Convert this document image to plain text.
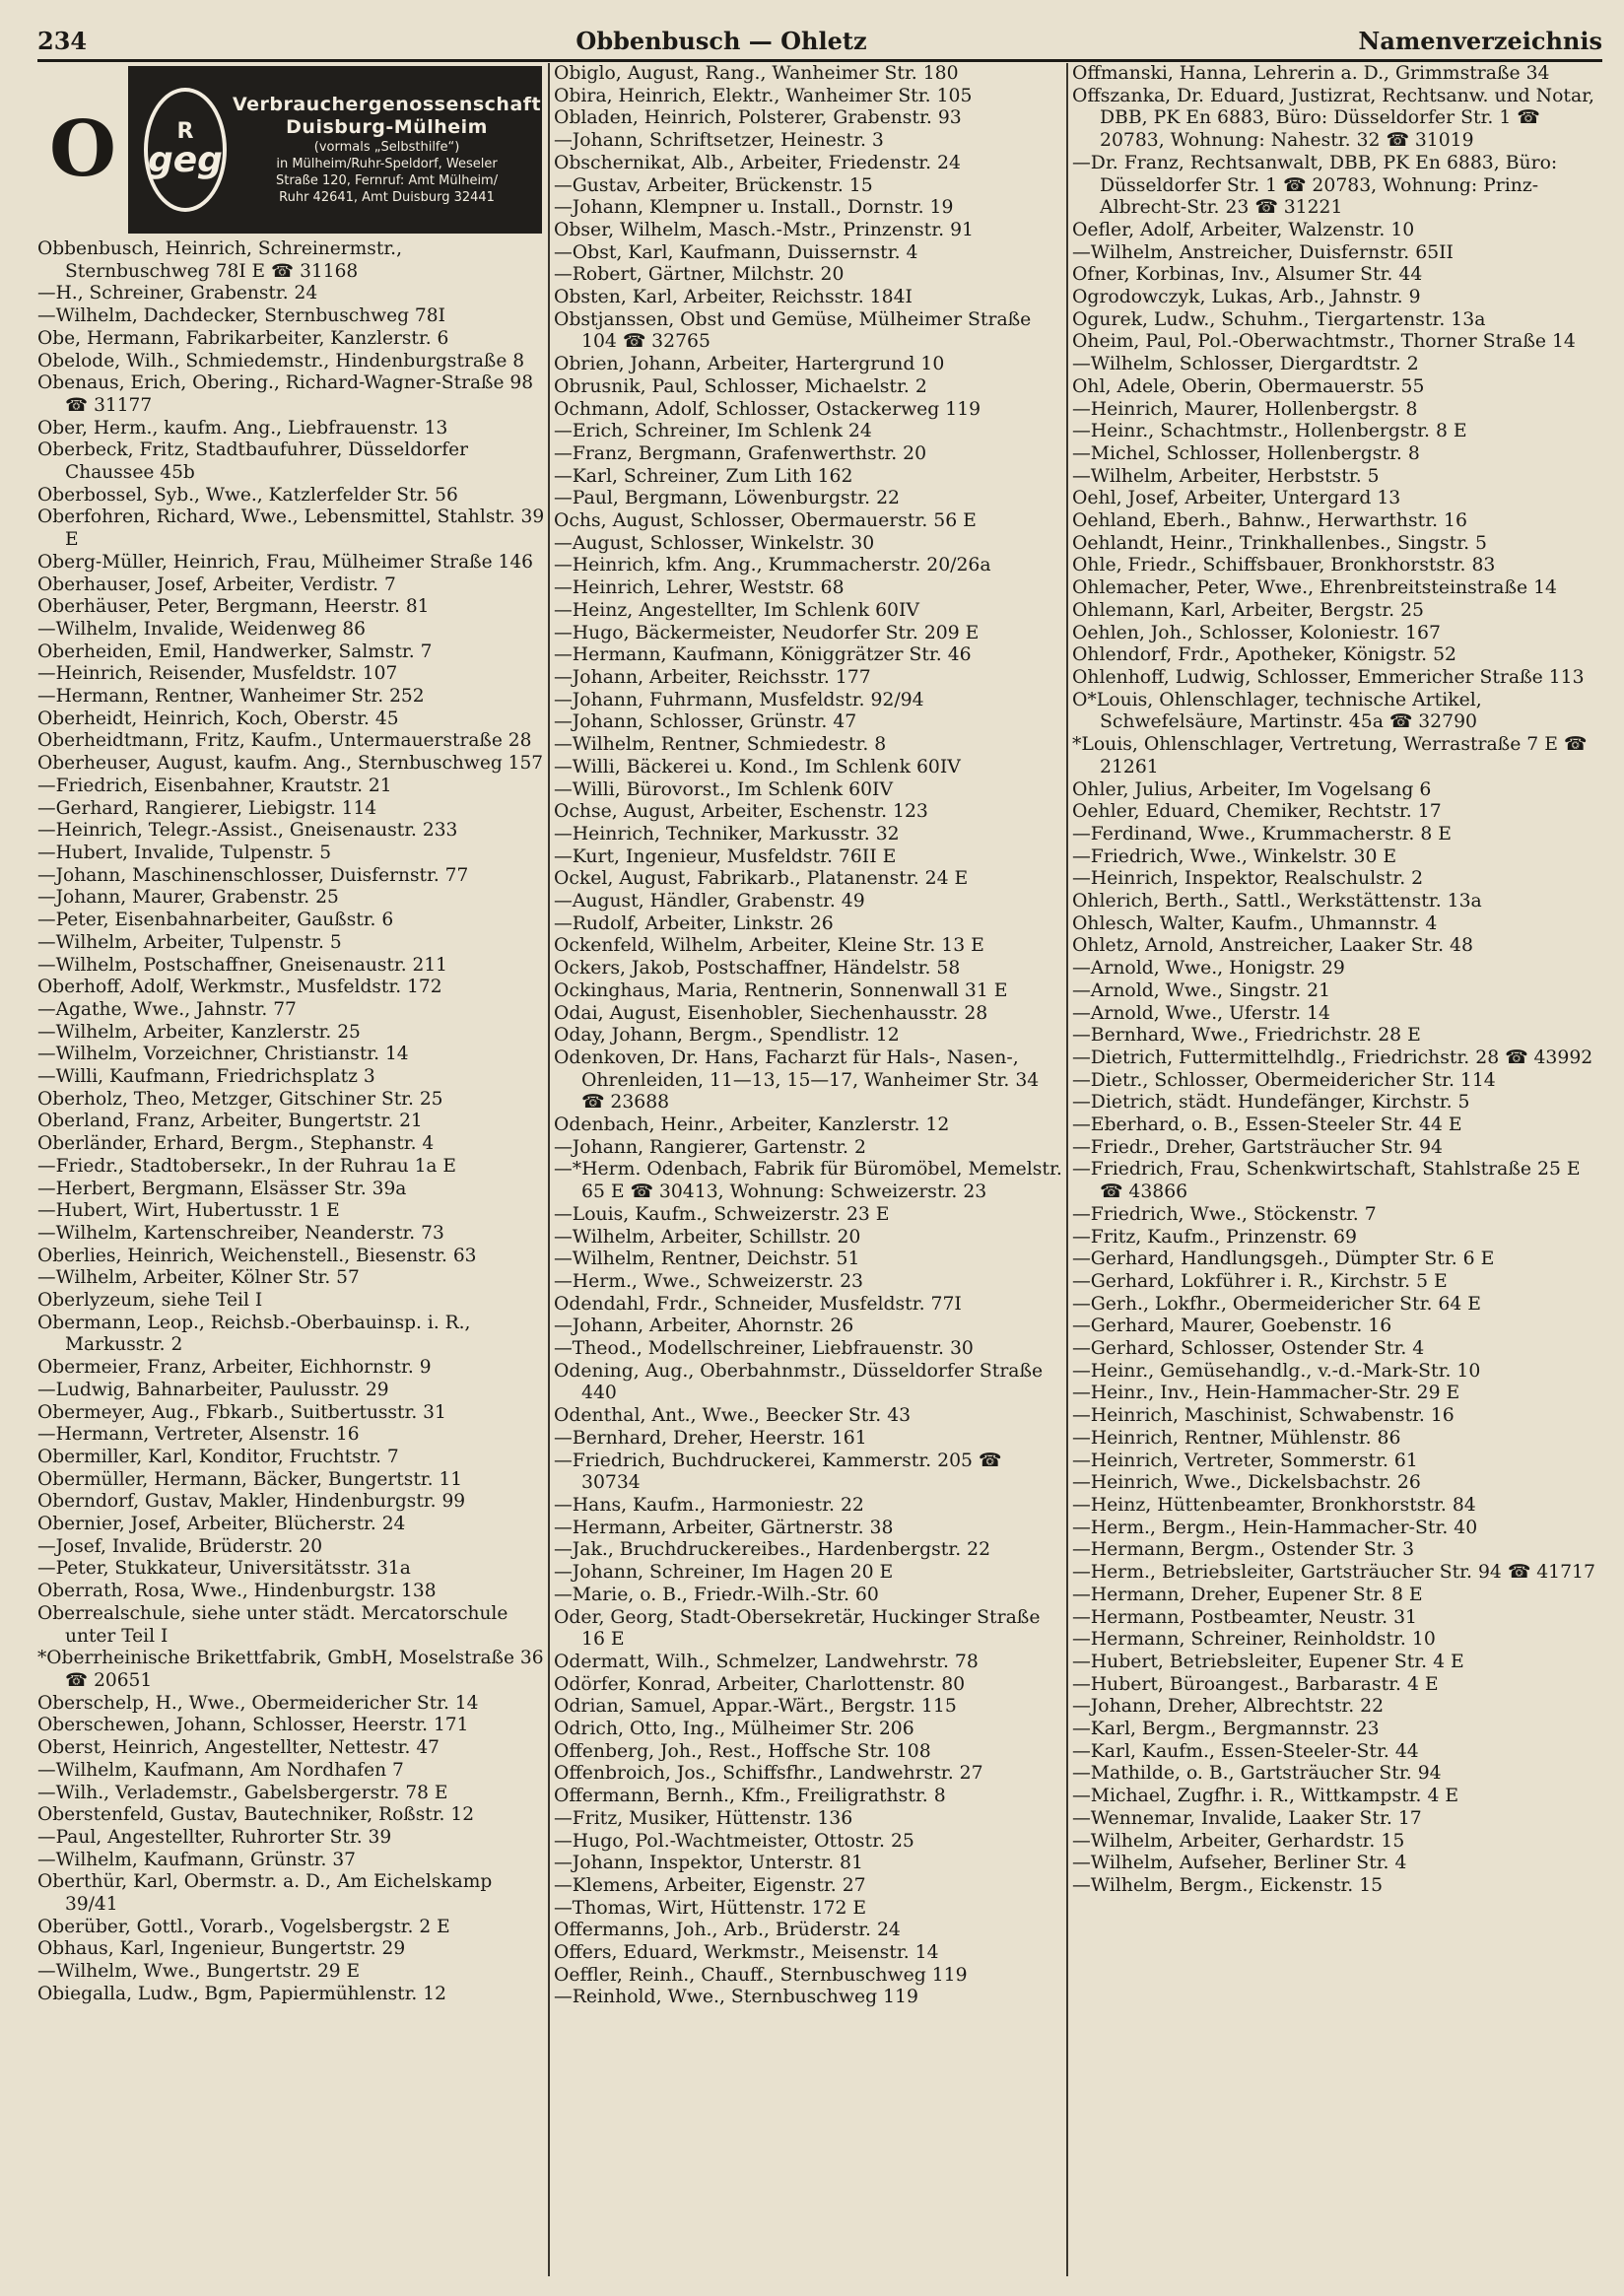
234	Obbenbusch — Ohletz	Namenverzeichnis
O	R
geg
Verbrauchergenossenschaft
Duisburg-Mülheim
(vormals „Selbsthilfe“)
in Mülheim/Ruhr-Speldorf, Weseler
Straße 120, Fernruf: Amt Mülheim/
Ruhr 42641, Amt Duisburg 32441
Obbenbusch, Heinrich, Schreinermstr., Sternbuschweg 78I E ☎ 31168
—H., Schreiner, Grabenstr. 24
—Wilhelm, Dachdecker, Sternbuschweg 78I
Obe, Hermann, Fabrikarbeiter, Kanzlerstr. 6
Obelode, Wilh., Schmiedemstr., Hindenburgstraße 8
Obenaus, Erich, Obering., Richard-Wagner-Straße 98 ☎ 31177
Ober, Herm., kaufm. Ang., Liebfrauenstr. 13
Oberbeck, Fritz, Stadtbaufuhrer, Düsseldorfer Chaussee 45b
Oberbossel, Syb., Wwe., Katzlerfelder Str. 56
Oberfohren, Richard, Wwe., Lebensmittel, Stahlstr. 39 E
Oberg-Müller, Heinrich, Frau, Mülheimer Straße 146
Oberhauser, Josef, Arbeiter, Verdistr. 7
Oberhäuser, Peter, Bergmann, Heerstr. 81
—Wilhelm, Invalide, Weidenweg 86
Oberheiden, Emil, Handwerker, Salmstr. 7
—Heinrich, Reisender, Musfeldstr. 107
—Hermann, Rentner, Wanheimer Str. 252
Oberheidt, Heinrich, Koch, Oberstr. 45
Oberheidtmann, Fritz, Kaufm., Untermauerstraße 28
Oberheuser, August, kaufm. Ang., Sternbuschweg 157
—Friedrich, Eisenbahner, Krautstr. 21
—Gerhard, Rangierer, Liebigstr. 114
—Heinrich, Telegr.-Assist., Gneisenaustr. 233
—Hubert, Invalide, Tulpenstr. 5
—Johann, Maschinenschlosser, Duisfernstr. 77
—Johann, Maurer, Grabenstr. 25
—Peter, Eisenbahnarbeiter, Gaußstr. 6
—Wilhelm, Arbeiter, Tulpenstr. 5
—Wilhelm, Postschaffner, Gneisenaustr. 211
Oberhoff, Adolf, Werkmstr., Musfeldstr. 172
—Agathe, Wwe., Jahnstr. 77
—Wilhelm, Arbeiter, Kanzlerstr. 25
—Wilhelm, Vorzeichner, Christianstr. 14
—Willi, Kaufmann, Friedrichsplatz 3
Oberholz, Theo, Metzger, Gitschiner Str. 25
Oberland, Franz, Arbeiter, Bungertstr. 21
Oberländer, Erhard, Bergm., Stephanstr. 4
—Friedr., Stadtobersekr., In der Ruhrau 1a E
—Herbert, Bergmann, Elsässer Str. 39a
—Hubert, Wirt, Hubertusstr. 1 E
—Wilhelm, Kartenschreiber, Neanderstr. 73
Oberlies, Heinrich, Weichenstell., Biesenstr. 63
—Wilhelm, Arbeiter, Kölner Str. 57
Oberlyzeum, siehe Teil I
Obermann, Leop., Reichsb.-Oberbauinsp. i. R., Markusstr. 2
Obermeier, Franz, Arbeiter, Eichhornstr. 9
—Ludwig, Bahnarbeiter, Paulusstr. 29
Obermeyer, Aug., Fbkarb., Suitbertusstr. 31
—Hermann, Vertreter, Alsenstr. 16
Obermiller, Karl, Konditor, Fruchtstr. 7
Obermüller, Hermann, Bäcker, Bungertstr. 11
Oberndorf, Gustav, Makler, Hindenburgstr. 99
Obernier, Josef, Arbeiter, Blücherstr. 24
—Josef, Invalide, Brüderstr. 20
—Peter, Stukkateur, Universitätsstr. 31a
Oberrath, Rosa, Wwe., Hindenburgstr. 138
Oberrealschule, siehe unter städt. Mercatorschule unter Teil I
*Oberrheinische Brikettfabrik, GmbH, Moselstraße 36 ☎ 20651
Oberschelp, H., Wwe., Obermeidericher Str. 14
Oberschewen, Johann, Schlosser, Heerstr. 171
Oberst, Heinrich, Angestellter, Nettestr. 47
—Wilhelm, Kaufmann, Am Nordhafen 7
—Wilh., Verlademstr., Gabelsbergerstr. 78 E
Oberstenfeld, Gustav, Bautechniker, Roßstr. 12
—Paul, Angestellter, Ruhrorter Str. 39
—Wilhelm, Kaufmann, Grünstr. 37
Oberthür, Karl, Obermstr. a. D., Am Eichelskamp 39/41
Oberüber, Gottl., Vorarb., Vogelsbergstr. 2 E
Obhaus, Karl, Ingenieur, Bungertstr. 29
—Wilhelm, Wwe., Bungertstr. 29 E
Obiegalla, Ludw., Bgm, Papiermühlenstr. 12
Obiglo, August, Rang., Wanheimer Str. 180
Obira, Heinrich, Elektr., Wanheimer Str. 105
Obladen, Heinrich, Polsterer, Grabenstr. 93
—Johann, Schriftsetzer, Heinestr. 3
Obschernikat, Alb., Arbeiter, Friedenstr. 24
—Gustav, Arbeiter, Brückenstr. 15
—Johann, Klempner u. Install., Dornstr. 19
Obser, Wilhelm, Masch.-Mstr., Prinzenstr. 91
—Obst, Karl, Kaufmann, Duissernstr. 4
—Robert, Gärtner, Milchstr. 20
Obsten, Karl, Arbeiter, Reichsstr. 184I
Obstjanssen, Obst und Gemüse, Mülheimer Straße 104 ☎ 32765
Obrien, Johann, Arbeiter, Hartergrund 10
Obrusnik, Paul, Schlosser, Michaelstr. 2
Ochmann, Adolf, Schlosser, Ostackerweg 119
—Erich, Schreiner, Im Schlenk 24
—Franz, Bergmann, Grafenwerthstr. 20
—Karl, Schreiner, Zum Lith 162
—Paul, Bergmann, Löwenburgstr. 22
Ochs, August, Schlosser, Obermauerstr. 56 E
—August, Schlosser, Winkelstr. 30
—Heinrich, kfm. Ang., Krummacherstr. 20/26a
—Heinrich, Lehrer, Weststr. 68
—Heinz, Angestellter, Im Schlenk 60IV
—Hugo, Bäckermeister, Neudorfer Str. 209 E
—Hermann, Kaufmann, Königgrätzer Str. 46
—Johann, Arbeiter, Reichsstr. 177
—Johann, Fuhrmann, Musfeldstr. 92/94
—Johann, Schlosser, Grünstr. 47
—Wilhelm, Rentner, Schmiedestr. 8
—Willi, Bäckerei u. Kond., Im Schlenk 60IV
—Willi, Bürovorst., Im Schlenk 60IV
Ochse, August, Arbeiter, Eschenstr. 123
—Heinrich, Techniker, Markusstr. 32
—Kurt, Ingenieur, Musfeldstr. 76II E
Ockel, August, Fabrikarb., Platanenstr. 24 E
—August, Händler, Grabenstr. 49
—Rudolf, Arbeiter, Linkstr. 26
Ockenfeld, Wilhelm, Arbeiter, Kleine Str. 13 E
Ockers, Jakob, Postschaffner, Händelstr. 58
Ockinghaus, Maria, Rentnerin, Sonnenwall 31 E
Odai, August, Eisenhobler, Siechenhausstr. 28
Oday, Johann, Bergm., Spendlistr. 12
Odenkoven, Dr. Hans, Facharzt für Hals-, Nasen-, Ohrenleiden, 11—13, 15—17, Wanheimer Str. 34 ☎ 23688
Odenbach, Heinr., Arbeiter, Kanzlerstr. 12
—Johann, Rangierer, Gartenstr. 2
—*Herm. Odenbach, Fabrik für Büromöbel, Memelstr. 65 E ☎ 30413, Wohnung: Schweizerstr. 23
—Louis, Kaufm., Schweizerstr. 23 E
—Wilhelm, Arbeiter, Schillstr. 20
—Wilhelm, Rentner, Deichstr. 51
—Herm., Wwe., Schweizerstr. 23
Odendahl, Frdr., Schneider, Musfeldstr. 77I
—Johann, Arbeiter, Ahornstr. 26
—Theod., Modellschreiner, Liebfrauenstr. 30
Odening, Aug., Oberbahnmstr., Düsseldorfer Straße 440
Odenthal, Ant., Wwe., Beecker Str. 43
—Bernhard, Dreher, Heerstr. 161
—Friedrich, Buchdruckerei, Kammerstr. 205 ☎ 30734
—Hans, Kaufm., Harmoniestr. 22
—Hermann, Arbeiter, Gärtnerstr. 38
—Jak., Bruchdruckereibes., Hardenbergstr. 22
—Johann, Schreiner, Im Hagen 20 E
—Marie, o. B., Friedr.-Wilh.-Str. 60
Oder, Georg, Stadt-Obersekretär, Huckinger Straße 16 E
Odermatt, Wilh., Schmelzer, Landwehrstr. 78
Odörfer, Konrad, Arbeiter, Charlottenstr. 80
Odrian, Samuel, Appar.-Wärt., Bergstr. 115
Odrich, Otto, Ing., Mülheimer Str. 206
Offenberg, Joh., Rest., Hoffsche Str. 108
Offenbroich, Jos., Schiffsfhr., Landwehrstr. 27
Offermann, Bernh., Kfm., Freiligrathstr. 8
—Fritz, Musiker, Hüttenstr. 136
—Hugo, Pol.-Wachtmeister, Ottostr. 25
—Johann, Inspektor, Unterstr. 81
—Klemens, Arbeiter, Eigenstr. 27
—Thomas, Wirt, Hüttenstr. 172 E
Offermanns, Joh., Arb., Brüderstr. 24
Offers, Eduard, Werkmstr., Meisenstr. 14
Oeffler, Reinh., Chauff., Sternbuschweg 119
—Reinhold, Wwe., Sternbuschweg 119
Offmanski, Hanna, Lehrerin a. D., Grimmstraße 34
Offszanka, Dr. Eduard, Justizrat, Rechtsanw. und Notar, DBB, PK En 6883, Büro: Düsseldorfer Str. 1 ☎ 20783, Wohnung: Nahestr. 32 ☎ 31019
—Dr. Franz, Rechtsanwalt, DBB, PK En 6883, Büro: Düsseldorfer Str. 1 ☎ 20783, Wohnung: Prinz-Albrecht-Str. 23 ☎ 31221
Oefler, Adolf, Arbeiter, Walzenstr. 10
—Wilhelm, Anstreicher, Duisfernstr. 65II
Ofner, Korbinas, Inv., Alsumer Str. 44
Ogrodowczyk, Lukas, Arb., Jahnstr. 9
Ogurek, Ludw., Schuhm., Tiergartenstr. 13a
Oheim, Paul, Pol.-Oberwachtmstr., Thorner Straße 14
—Wilhelm, Schlosser, Diergardtstr. 2
Ohl, Adele, Oberin, Obermauerstr. 55
—Heinrich, Maurer, Hollenbergstr. 8
—Heinr., Schachtmstr., Hollenbergstr. 8 E
—Michel, Schlosser, Hollenbergstr. 8
—Wilhelm, Arbeiter, Herbststr. 5
Oehl, Josef, Arbeiter, Untergard 13
Oehland, Eberh., Bahnw., Herwarthstr. 16
Oehlandt, Heinr., Trinkhallenbes., Singstr. 5
Ohle, Friedr., Schiffsbauer, Bronkhorststr. 83
Ohlemacher, Peter, Wwe., Ehrenbreitsteinstraße 14
Ohlemann, Karl, Arbeiter, Bergstr. 25
Oehlen, Joh., Schlosser, Koloniestr. 167
Ohlendorf, Frdr., Apotheker, Königstr. 52
Ohlenhoff, Ludwig, Schlosser, Emmericher Straße 113
O*Louis, Ohlenschlager, technische Artikel, Schwefelsäure, Martinstr. 45a ☎ 32790
*Louis, Ohlenschlager, Vertretung, Werrastraße 7 E ☎ 21261
Ohler, Julius, Arbeiter, Im Vogelsang 6
Oehler, Eduard, Chemiker, Rechtstr. 17
—Ferdinand, Wwe., Krummacherstr. 8 E
—Friedrich, Wwe., Winkelstr. 30 E
—Heinrich, Inspektor, Realschulstr. 2
Ohlerich, Berth., Sattl., Werkstättenstr. 13a
Ohlesch, Walter, Kaufm., Uhmannstr. 4
Ohletz, Arnold, Anstreicher, Laaker Str. 48
—Arnold, Wwe., Honigstr. 29
—Arnold, Wwe., Singstr. 21
—Arnold, Wwe., Uferstr. 14
—Bernhard, Wwe., Friedrichstr. 28 E
—Dietrich, Futtermittelhdlg., Friedrichstr. 28 ☎ 43992
—Dietr., Schlosser, Obermeidericher Str. 114
—Dietrich, städt. Hundefänger, Kirchstr. 5
—Eberhard, o. B., Essen-Steeler Str. 44 E
—Friedr., Dreher, Gartsträucher Str. 94
—Friedrich, Frau, Schenkwirtschaft, Stahlstraße 25 E ☎ 43866
—Friedrich, Wwe., Stöckenstr. 7
—Fritz, Kaufm., Prinzenstr. 69
—Gerhard, Handlungsgeh., Dümpter Str. 6 E
—Gerhard, Lokführer i. R., Kirchstr. 5 E
—Gerh., Lokfhr., Obermeidericher Str. 64 E
—Gerhard, Maurer, Goebenstr. 16
—Gerhard, Schlosser, Ostender Str. 4
—Heinr., Gemüsehandlg., v.-d.-Mark-Str. 10
—Heinr., Inv., Hein-Hammacher-Str. 29 E
—Heinrich, Maschinist, Schwabenstr. 16
—Heinrich, Rentner, Mühlenstr. 86
—Heinrich, Vertreter, Sommerstr. 61
—Heinrich, Wwe., Dickelsbachstr. 26
—Heinz, Hüttenbeamter, Bronkhorststr. 84
—Herm., Bergm., Hein-Hammacher-Str. 40
—Hermann, Bergm., Ostender Str. 3
—Herm., Betriebsleiter, Gartsträucher Str. 94 ☎ 41717
—Hermann, Dreher, Eupener Str. 8 E
—Hermann, Postbeamter, Neustr. 31
—Hermann, Schreiner, Reinholdstr. 10
—Hubert, Betriebsleiter, Eupener Str. 4 E
—Hubert, Büroangest., Barbarastr. 4 E
—Johann, Dreher, Albrechtstr. 22
—Karl, Bergm., Bergmannstr. 23
—Karl, Kaufm., Essen-Steeler-Str. 44
—Mathilde, o. B., Gartsträucher Str. 94
—Michael, Zugfhr. i. R., Wittkampstr. 4 E
—Wennemar, Invalide, Laaker Str. 17
—Wilhelm, Arbeiter, Gerhardstr. 15
—Wilhelm, Aufseher, Berliner Str. 4
—Wilhelm, Bergm., Eickenstr. 15
